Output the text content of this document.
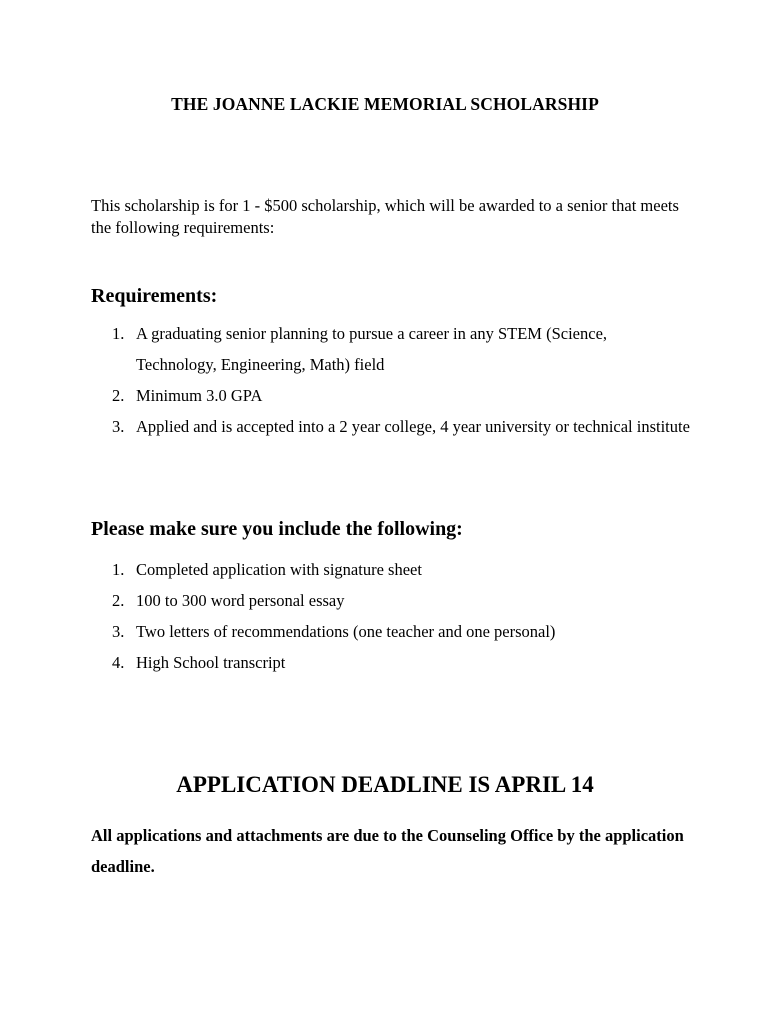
THE JOANNE LACKIE MEMORIAL SCHOLARSHIP
This scholarship is for 1 - $500 scholarship, which will be awarded to a senior that meets the following requirements:
Requirements:
1. A graduating senior planning to pursue a career in any STEM (Science, Technology, Engineering, Math) field
2. Minimum 3.0 GPA
3. Applied and is accepted into a 2 year college, 4 year university or technical institute
Please make sure you include the following:
1. Completed application with signature sheet
2. 100 to 300 word personal essay
3. Two letters of recommendations (one teacher and one personal)
4. High School transcript
APPLICATION DEADLINE IS APRIL 14
All applications and attachments are due to the Counseling Office by the application deadline.
